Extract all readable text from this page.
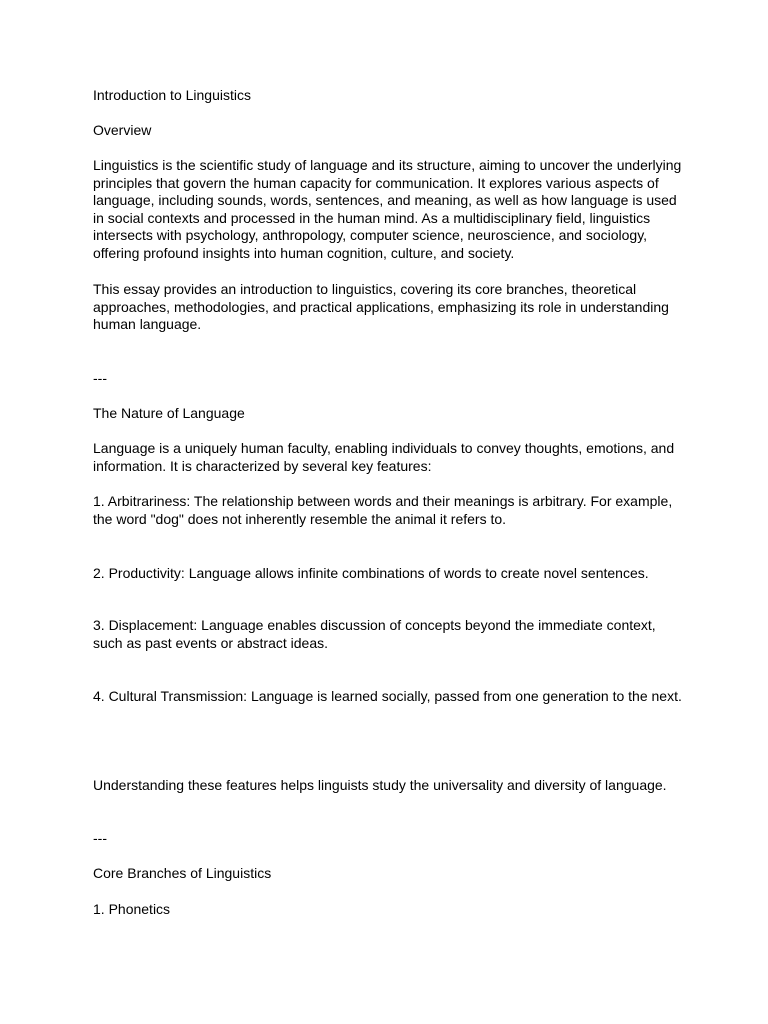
Introduction to Linguistics

Overview

Linguistics is the scientific study of language and its structure, aiming to uncover the underlying principles that govern the human capacity for communication. It explores various aspects of language, including sounds, words, sentences, and meaning, as well as how language is used in social contexts and processed in the human mind. As a multidisciplinary field, linguistics intersects with psychology, anthropology, computer science, neuroscience, and sociology, offering profound insights into human cognition, culture, and society.

This essay provides an introduction to linguistics, covering its core branches, theoretical approaches, methodologies, and practical applications, emphasizing its role in understanding human language.

---

The Nature of Language

Language is a uniquely human faculty, enabling individuals to convey thoughts, emotions, and information. It is characterized by several key features:

1. Arbitrariness: The relationship between words and their meanings is arbitrary. For example, the word "dog" does not inherently resemble the animal it refers to.

2. Productivity: Language allows infinite combinations of words to create novel sentences.

3. Displacement: Language enables discussion of concepts beyond the immediate context, such as past events or abstract ideas.

4. Cultural Transmission: Language is learned socially, passed from one generation to the next.

Understanding these features helps linguists study the universality and diversity of language.

---

Core Branches of Linguistics

1. Phonetics
